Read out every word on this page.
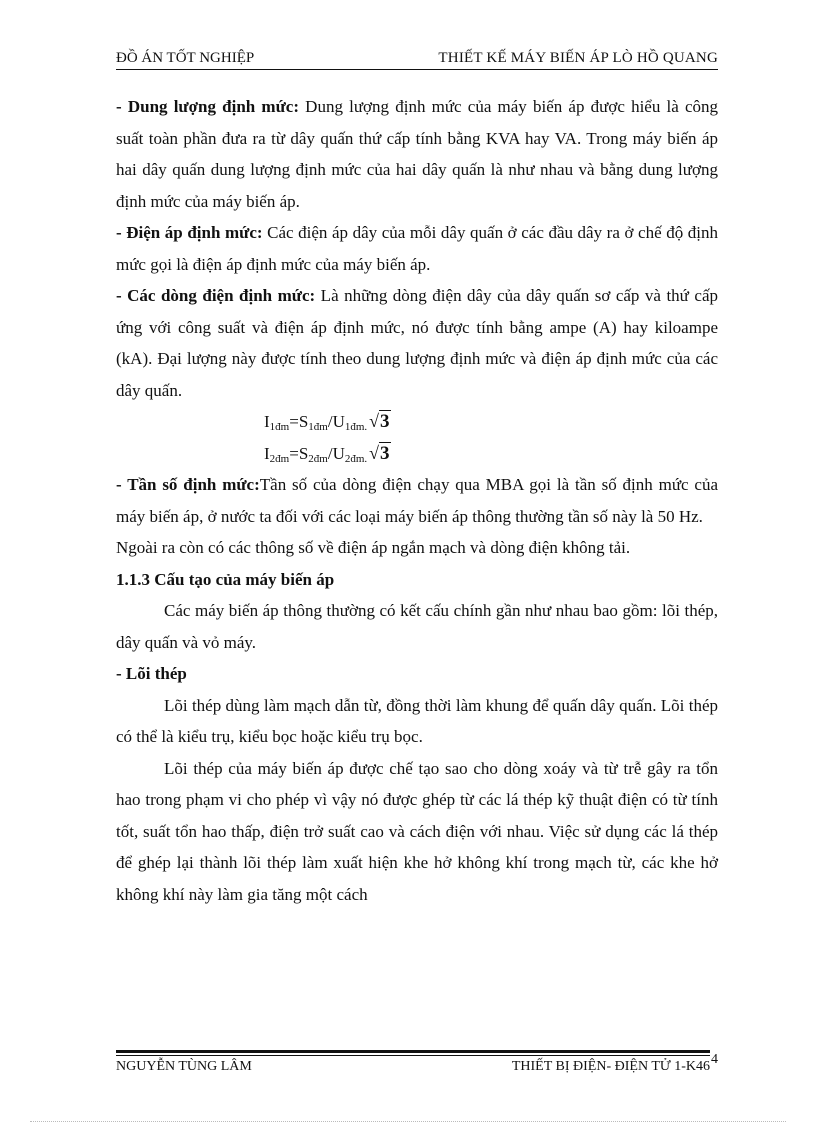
ĐỒ ÁN TỐT NGHIỆP	THIẾT KẾ MÁY BIẾN ÁP LÒ HỒ QUANG

- Dung lượng định mức: Dung lượng định mức của máy biến áp được hiểu là công suất toàn phần đưa ra từ dây quấn thứ cấp tính bằng KVA hay VA. Trong máy biến áp hai dây quấn dung lượng định mức của hai dây quấn là như nhau và bằng dung lượng định mức của máy biến áp.

- Điện áp định mức: Các điện áp dây của mỗi dây quấn ở các đầu dây ra ở chế độ định mức gọi là điện áp định mức của máy biến áp.

- Các dòng điện định mức: Là những dòng điện dây của dây quấn sơ cấp và thứ cấp ứng với công suất và điện áp định mức, nó được tính bằng ampe (A) hay kiloampe (kA). Đại lượng này được tính theo dung lượng định mức và điện áp định mức của các dây quấn.

$I_{1đm}=S_{1đm}/U_{1đm.}$ √3
$I_{2đm}=S_{2đm}/U_{2đm.}$ √3

- Tần số định mức:Tần số của dòng điện chạy qua MBA gọi là tần số định mức của máy biến áp, ở nước ta đối với các loại máy biến áp thông thường tần số này là 50 Hz.

Ngoài ra còn có các thông số về điện áp ngắn mạch và dòng điện không tải.

1.1.3 Cấu tạo của máy biến áp

Các máy biến áp thông thường có kết cấu chính gần như nhau bao gồm: lõi thép, dây quấn và vỏ máy.

- Lõi thép

Lõi thép dùng làm mạch dẫn từ, đồng thời làm khung để quấn dây quấn. Lõi thép có thể là kiểu trụ, kiểu bọc hoặc kiểu trụ bọc.

Lõi thép của máy biến áp được chế tạo sao cho dòng xoáy và từ trễ gây ra tổn hao trong phạm vi cho phép vì vậy nó được ghép từ các lá thép kỹ thuật điện có từ tính tốt, suất tổn hao thấp, điện trở suất cao và cách điện với nhau. Việc sử dụng các lá thép để ghép lại thành lõi thép làm xuất hiện khe hở không khí trong mạch từ, các khe hở không khí này làm gia tăng một cách

NGUYỄN TÙNG LÂM	THIẾT BỊ ĐIỆN- ĐIỆN TỬ 1-K46 4
